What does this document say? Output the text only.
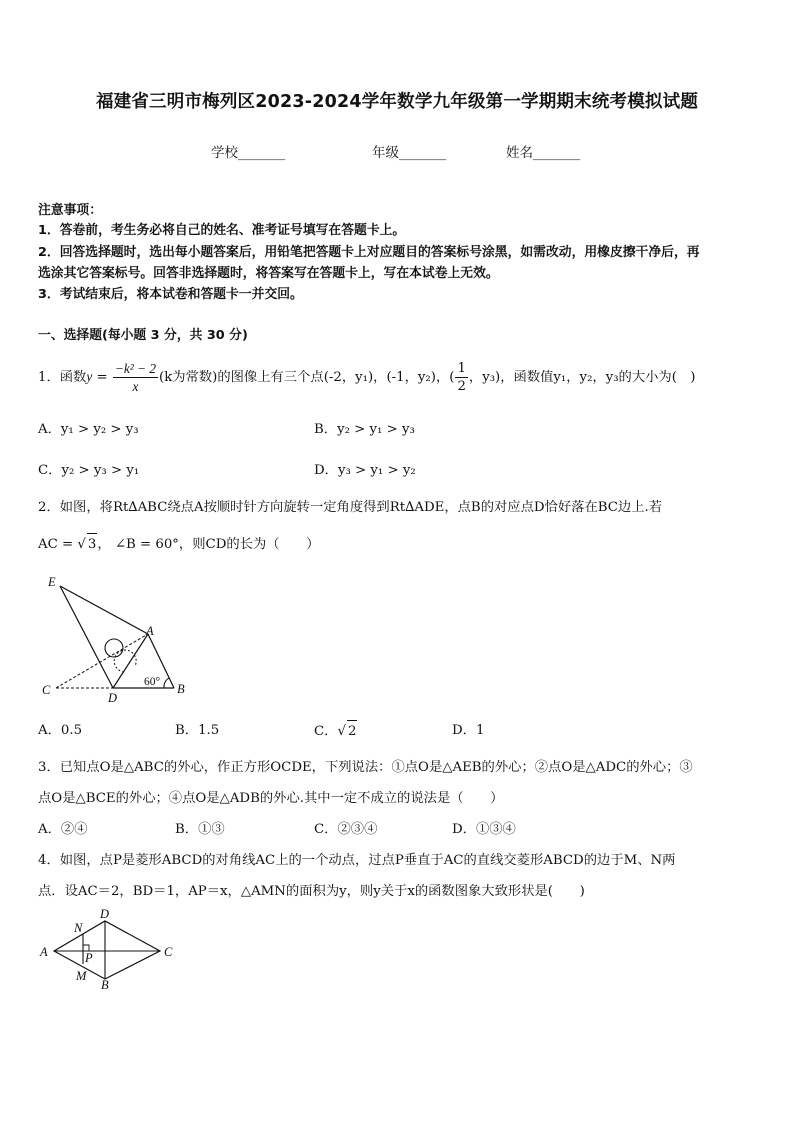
福建省三明市梅列区2023-2024学年数学九年级第一学期期末统考模拟试题
学校_______	年级_______	姓名_______
注意事项：
1．答卷前，考生务必将自己的姓名、准考证号填写在答题卡上。
2．回答选择题时，选出每小题答案后，用铅笔把答题卡上对应题目的答案标号涂黑，如需改动，用橡皮擦干净后，再
选涂其它答案标号。回答非选择题时，将答案写在答题卡上，写在本试卷上无效。
3．考试结束后，将本试卷和答题卡一并交回。
一、选择题(每小题 3 分，共 30 分)
1．函数$y = \frac{\text{−k² − 2}}{x} (k$为常数)的图像上有三个点(-2，y₁)，(-1，y₂)，( $\frac{1}{2}$ ，y₃)，函数值y₁，y₂，y₃的大小为(　)
A．y₁ > y₂ > y₃	B．y₂ > y₁ > y₃
C．y₂ > y₃ > y₁	D．y₃ > y₁ > y₂
2．如图，将Rt∆ABC绕点A按顺时针方向旋转一定角度得到Rt∆ADE，点B的对应点D恰好落在BC边上.若
AC = √ 3， ∠B = 60°，则CD的长为（　　）
E
A
C
D
B
60°
A．0.5	B．1.5	C．√ 2	D．1
3．已知点O是△ABC的外心，作正方形OCDE，下列说法：①点O是△AEB的外心；②点O是△ADC的外心；③
点O是△BCE的外心；④点O是△ADB的外心.其中一定不成立的说法是（　　）
A．②④	B．①③	C．②③④	D．①③④
4．如图，点P是菱形ABCD的对角线AC上的一个动点，过点P垂直于AC的直线交菱形ABCD的边于M、N两
点．设AC＝2，BD＝1，AP＝x，△AMN的面积为y，则y关于x的函数图象大致形状是(　　)
D
N
A	P	C
M
B
